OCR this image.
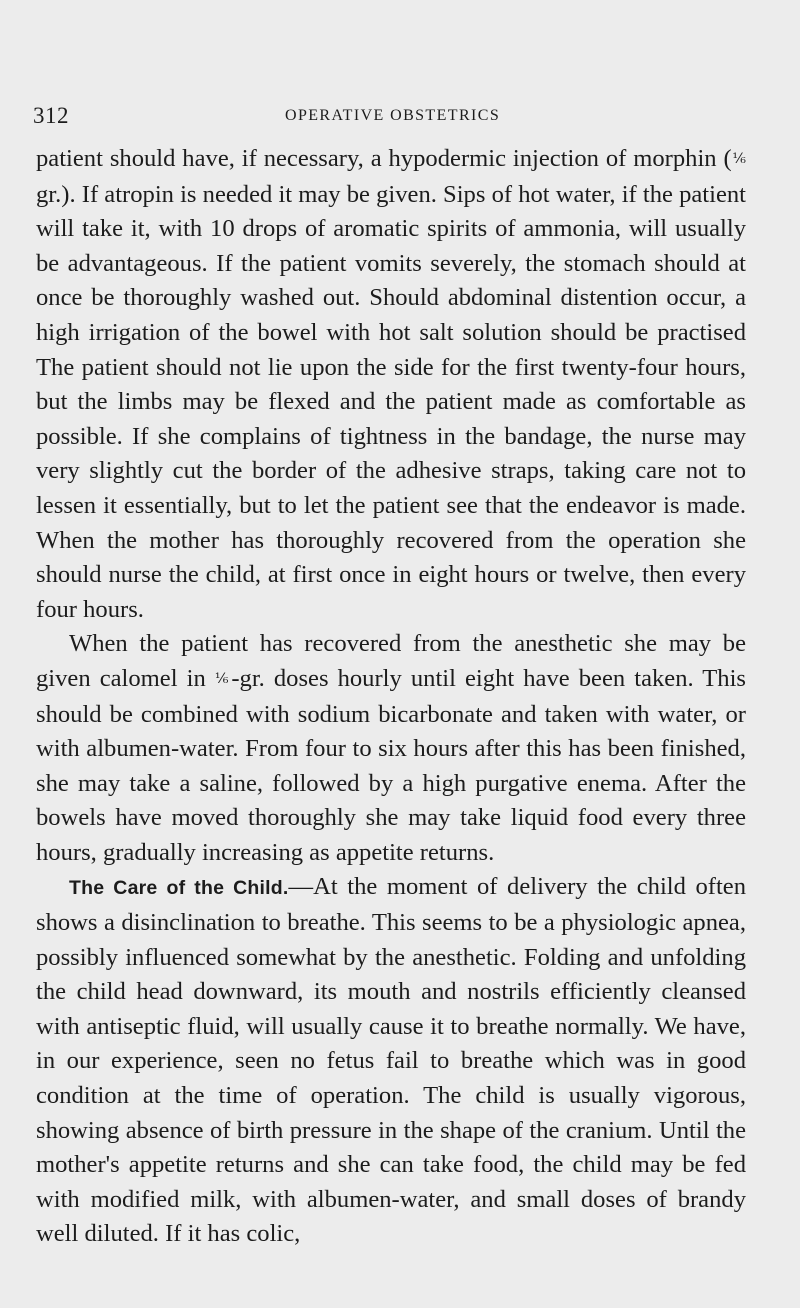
312	OPERATIVE OBSTETRICS

patient should have, if necessary, a hypodermic injection of morphin (⅙ gr.). If atropin is needed it may be given. Sips of hot water, if the patient will take it, with 10 drops of aromatic spirits of ammonia, will usually be advantageous. If the patient vomits severely, the stomach should at once be thoroughly washed out. Should abdominal distention occur, a high irrigation of the bowel with hot salt solution should be practised The patient should not lie upon the side for the first twenty-four hours, but the limbs may be flexed and the patient made as comfortable as possible. If she complains of tightness in the bandage, the nurse may very slightly cut the border of the adhesive straps, taking care not to lessen it essentially, but to let the patient see that the endeavor is made. When the mother has thoroughly recovered from the operation she should nurse the child, at first once in eight hours or twelve, then every four hours.

When the patient has recovered from the anesthetic she may be given calomel in ⅙-gr. doses hourly until eight have been taken. This should be combined with sodium bicarbonate and taken with water, or with albumen-water. From four to six hours after this has been finished, she may take a saline, followed by a high purgative enema. After the bowels have moved thoroughly she may take liquid food every three hours, gradually increasing as appetite returns.

The Care of the Child.—At the moment of delivery the child often shows a disinclination to breathe. This seems to be a physiologic apnea, possibly influenced somewhat by the anesthetic. Folding and unfolding the child head downward, its mouth and nostrils efficiently cleansed with antiseptic fluid, will usually cause it to breathe normally. We have, in our experience, seen no fetus fail to breathe which was in good condition at the time of operation. The child is usually vigorous, showing absence of birth pressure in the shape of the cranium. Until the mother's appetite returns and she can take food, the child may be fed with modified milk, with albumen-water, and small doses of brandy well diluted. If it has colic,
